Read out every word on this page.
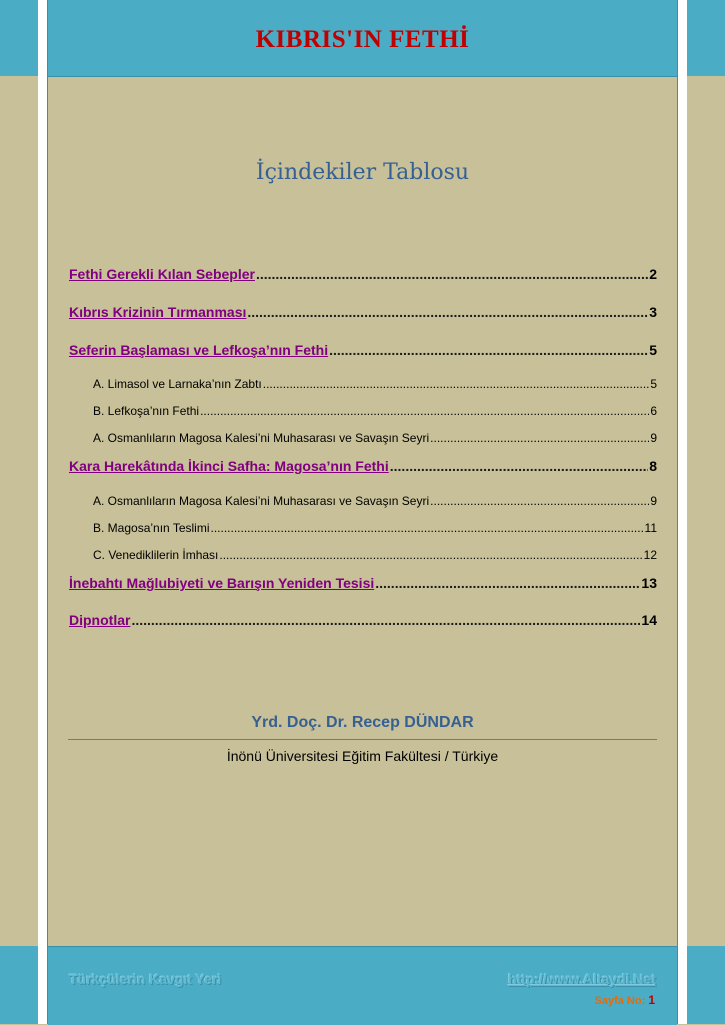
KIBRIS'IN FETHİ
İçindekiler Tablosu
Fethi Gerekli Kılan Sebepler .....	2
Kıbrıs Krizinin Tırmanması .....	3
Seferin Başlaması ve Lefkoşa’nın Fethi .....	5
A. Limasol ve Larnaka’nın Zabtı .....	5
B. Lefkoşa’nın Fethi .....	6
A. Osmanlıların Magosa Kalesi’ni Muhasarası ve Savaşın Seyri .....	9
Kara Harekâtında İkinci Safha: Magosa’nın Fethi .....	8
A. Osmanlıların Magosa Kalesi’ni Muhasarası ve Savaşın Seyri .....	9
B. Magosa’nın Teslimi .....	11
C. Venediklilerin İmhası .....	12
İnebahtı Mağlubiyeti ve Barışın Yeniden Tesisi .....	13
Dipnotlar .....	14
Yrd. Doç. Dr. Recep DÜNDAR
İnönü Üniversitesi Eğitim Fakültesi / Türkiye
Türkçülerin Kavgıt Yeri	http://www.Altaydi.Net
Sayfa No: 1
